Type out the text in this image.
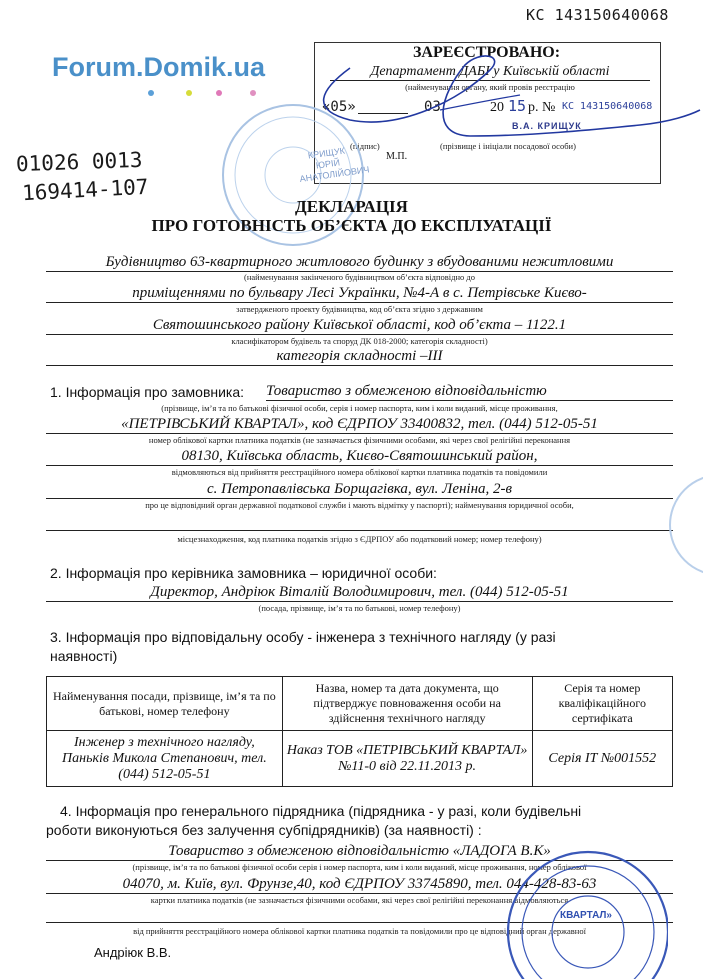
КС 143150640068
Forum.Domik.ua	ЗАРЕЄСТРОВАНО:
Департамент ДАБІ у Київській області
(найменування органу, який провів реєстрацію
«05»	03	20 15 р. № КС 143150640068
В.А. КРИЩУК
(підпис)	(прізвище і ініціали посадової особи)
М.П.
КРИЩУК ЮРІЙ АНАТОЛІЙОВИЧ
01026 0013
169414-107
ДЕКЛАРАЦІЯ
ПРО ГОТОВНІСТЬ ОБ’ЄКТА ДО ЕКСПЛУАТАЦІЇ
Будівництво 63-квартирного житлового будинку з вбудованими нежитловими
(найменування закінченого будівництвом об’єкта відповідно до
приміщеннями по бульвару Лесі Українки, №4-А в с. Петрівське Києво-
затвердженого проекту будівництва, код об’єкта згідно з державним
Святошинського району Київської області, код об’єкта – 1122.1
класифікатором будівель та споруд ДК 018-2000; категорія складності)
категорія складності –ІІІ
1. Інформація про замовника: Товариство з обмеженою відповідальністю
(прізвище, ім’я та по батькові фізичної особи, серія і номер паспорта, ким і коли виданий, місце проживання,
«ПЕТРІВСЬКИЙ КВАРТАЛ», код ЄДРПОУ 33400832, тел. (044) 512-05-51
номер облікової картки платника податків (не зазначається фізичними особами, які через свої релігійні переконання
08130, Київська область, Києво-Святошинський район,
відмовляються від прийняття реєстраційного номера облікової картки платника податків та повідомили
с. Петропавлівська Борщагівка, вул. Леніна, 2-в
про це відповідний орган державної податкової служби і мають відмітку у паспорті); найменування юридичної особи,
місцезнаходження, код платника податків згідно з ЄДРПОУ або податковий номер; номер телефону)
2. Інформація про керівника замовника – юридичної особи:
Директор, Андріюк Віталій Володимирович, тел. (044) 512-05-51
(посада, прізвище, ім’я та по батькові, номер телефону)
3. Інформація про відповідальну особу - інженера з технічного нагляду (у разі
наявності)
Найменування посади, прізвище, ім’я та по батькові, номер телефону	Назва, номер та дата документа, що підтверджує повноваження особи на здійснення технічного нагляду	Серія та номер кваліфікаційного сертифіката
Інженер з технічного нагляду, Паньків Микола Степанович, тел. (044) 512-05-51	Наказ ТОВ «ПЕТРІВСЬКИЙ КВАРТАЛ» №11-0 від 22.11.2013 р.	Серія ІТ №001552
4. Інформація про генерального підрядника (підрядника - у разі, коли будівельні
роботи виконуються без залучення субпідрядників) (за наявності) :
Товариство з обмеженою відповідальністю «ЛАДОГА В.К»
(прізвище, ім’я та по батькові фізичної особи серія і номер паспорта, ким і коли виданий, місце проживання, номер облікової
04070, м. Київ, вул. Фрунзе,40, код ЄДРПОУ 33745890, тел. 044-428-83-63
картки платника податків (не зазначається фізичними особами, які через свої релігійні переконання відмовляються
від прийняття реєстраційного номера облікової картки платника податків та повідомили про це відповідний орган державної
КВАРТАЛ»
Андріюк В.В.
